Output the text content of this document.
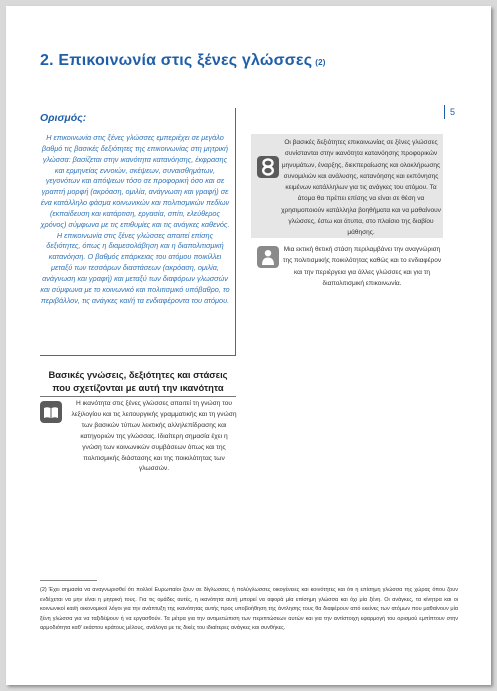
2. Επικοινωνία στις ξένες γλώσσες (2)
5
Ορισμός:
Η επικοινωνία στις ξένες γλώσσες εμπεριέχει σε μεγάλο βαθμό τις βασικές δεξιότητες της επικοινωνίας στη μητρική γλώσσα: βασίζεται στην ικανότητα κατανόησης, έκφρασης και ερμηνείας εννοιών, σκέψεων, συναισθημάτων, γεγονότων και απόψεων τόσο σε προφορική όσο και σε γραπτή μορφή (ακρόαση, ομιλία, ανάγνωση και γραφή) σε ένα κατάλληλο φάσμα κοινωνικών και πολιτισμικών πεδίων (εκπαίδευση και κατάρτιση, εργασία, σπίτι, ελεύθερος χρόνος) σύμφωνα με τις επιθυμίες και τις ανάγκες καθενός. Η επικοινωνία στις ξένες γλώσσες απαιτεί επίσης δεξιότητες, όπως η διαμεσολάβηση και η διαπολιτισμική κατανόηση. Ο βαθμός επάρκειας του ατόμου ποικίλλει μεταξύ των τεσσάρων διαστάσεων (ακρόαση, ομιλία, ανάγνωση και γραφή) και μεταξύ των διαφόρων γλωσσών και σύμφωνα με το κοινωνικό και πολιτισμικό υπόβαθρο, το περιβάλλον, τις ανάγκες και/ή τα ενδιαφέροντα του ατόμου.
Βασικές γνώσεις, δεξιότητες και στάσεις που σχετίζονται με αυτή την ικανότητα
Η ικανότητα στις ξένες γλώσσες απαιτεί τη γνώση του λεξιλογίου και τις λειτουργικής γραμματικής και τη γνώση των βασικών τύπων λεκτικής αλληλεπίδρασης και κατηγοριών της γλώσσας. Ιδιαίτερη σημασία έχει η γνώση των κοινωνικών συμβάσεων όπως και της πολιτισμικής διάστασης και της ποικιλότητας των γλωσσών.
Οι βασικές δεξιότητες επικοινωνίας σε ξένες γλώσσες συνίστανται στην ικανότητα κατανόησης προφορικών μηνυμάτων, έναρξης, διεκπεραίωσης και ολοκλήρωσης συνομιλιών και ανάλυσης, κατανόησης και εκπόνησης κειμένων κατάλληλων για τις ανάγκες του ατόμου. Τα άτομα θα πρέπει επίσης να είναι σε θέση να χρησιμοποιούν κατάλληλα βοηθήματα και να μαθαίνουν γλώσσες, έστω και άτυπα, στο πλαίσιο της διαβίου μάθησης.
Μια εκτική θετική στάση περιλαμβάνει την αναγνώριση της πολιτισμικής ποικιλότητας καθώς και το ενδιαφέρον και την περιέργεια για άλλες γλώσσες και για τη διαπολιτισμική επικοινωνία.
(2) Έχει σημασία να αναγνωρισθεί ότι πολλοί Ευρωπαίοι ζουν σε δίγλωσσες ή πολύγλωσσες οικογένειες και κοινότητες και ότι η επίσημη γλώσσα της χώρας όπου ζουν ενδέχεται να μην είναι η μητρική τους. Για τις ομάδες αυτές, η ικανότητα αυτή μπορεί να αφορά μία επίσημη γλώσσα και όχι μία ξένη. Οι ανάγκες, τα κίνητρα και οι κοινωνικοί και/ή οικονομικοί λόγοι για την ανάπτυξη της ικανότητας αυτής προς υποβοήθηση της άντλησης τους θα διαφέρουν από εκείνες των ατόμων που μαθαίνουν μία ξένη γλώσσα για να ταξιδέψουν ή να εργασθούν. Τα μέτρα για την αντιμετώπιση των περιπτώσεων αυτών και για την αντίστοιχη εφαρμογή του ορισμού εμπίπτουν στην αρμοδιότητα καθ' εκάστου κράτους μέλους, ανάλογα με τις δικές του ιδιαίτερες ανάγκες και συνθήκες.
